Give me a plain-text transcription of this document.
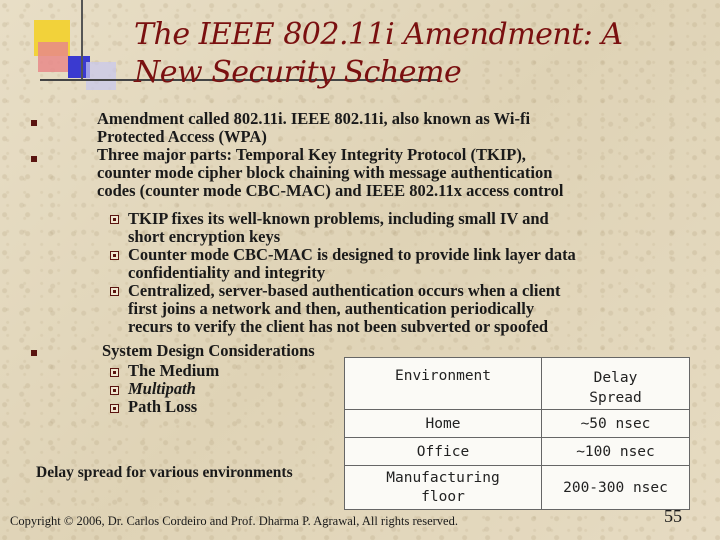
The IEEE 802.11i Amendment: A
New Security Scheme
Amendment called 802.11i. IEEE 802.11i, also known as Wi-fi
Protected Access (WPA)
Three major parts: Temporal Key Integrity Protocol (TKIP),
counter mode cipher block chaining with message authentication
codes (counter mode CBC-MAC) and IEEE 802.11x access control
TKIP fixes its well-known problems, including small IV and
short encryption keys
Counter mode CBC-MAC is designed to provide link layer data
confidentiality and integrity
Centralized, server-based authentication occurs when a client
first joins a network and then, authentication periodically
recurs to verify the client has not been subverted or spoofed
System Design Considerations
The Medium
Multipath
Path Loss
Environment	Delay
Spread

Home	~50 nsec

Office	~100 nsec

Manufacturing
floor	200-300 nsec
Delay spread for various environments
Copyright © 2006, Dr. Carlos Cordeiro and Prof. Dharma P. Agrawal, All rights reserved.	55
